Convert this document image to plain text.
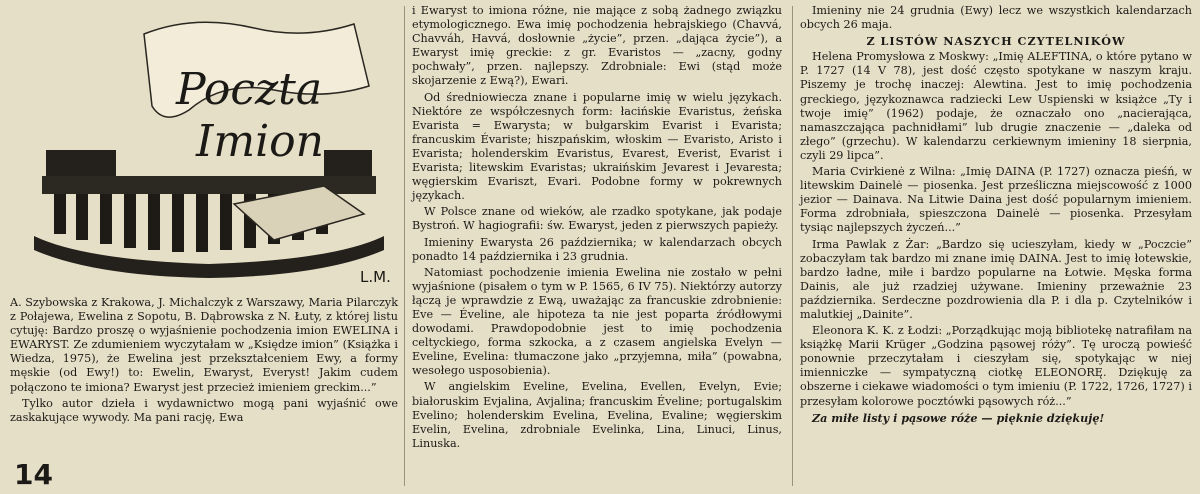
Poczta
Imion
L.M.

A. Szybowska z Krakowa, J. Michalczyk z Warszawy, Maria Pilarczyk z Połajewa, Ewelina z Sopotu, B. Dąbrowska z N. Łuty, z której listu cytuję: Bardzo proszę o wyjaśnienie pochodzenia imion EWELINA i EWARYST. Ze zdumieniem wyczytałam w „Księdze imion” (Książka i Wiedza, 1975), że Ewelina jest przekształceniem Ewy, a formy męskie (od Ewy!) to: Ewelin, Ewaryst, Everyst! Jakim cudem połączono te imiona? Ewaryst jest przecież imieniem greckim...”

Tylko autor dzieła i wydawnictwo mogą pani wyjaśnić owe zaskakujące wywody. Ma pani rację, Ewa

14

i Ewaryst to imiona różne, nie mające z sobą żadnego związku etymologicznego. Ewa imię pochodzenia hebrajskiego (Chavvá, Chavváh, Havvá, dosłownie „życie”, przen. „dająca życie”), a Ewaryst imię greckie: z gr. Evaristos — „zacny, godny pochwały”, przen. najlepszy. Zdrobniale: Ewi (stąd może skojarzenie z Ewą?), Ewari.

Od średniowiecza znane i popularne imię w wielu językach. Niektóre ze współczesnych form: łacińskie Evaristus, żeńska Evarista = Ewarysta; w bułgarskim Evarist i Evarista; francuskim Évariste; hiszpańskim, włoskim — Evaristo, Aristo i Evarista; holenderskim Evaristus, Evarest, Everist, Evarist i Evarista; litewskim Evaristas; ukraińskim Jevarest i Jevaresta; węgierskim Evariszt, Evari. Podobne formy w pokrewnych językach.

W Polsce znane od wieków, ale rzadko spotykane, jak podaje Bystroń. W hagiografii: św. Ewaryst, jeden z pierwszych papieży.

Imieniny Ewarysta 26 października; w kalendarzach obcych ponadto 14 października i 23 grudnia.

Natomiast pochodzenie imienia Ewelina nie zostało w pełni wyjaśnione (pisałem o tym w P. 1565, 6 IV 75). Niektórzy autorzy łączą je wprawdzie z Ewą, uważając za francuskie zdrobnienie: Eve — Éveline, ale hipoteza ta nie jest poparta źródłowymi dowodami. Prawdopodobnie jest to imię pochodzenia celtyckiego, forma szkocka, a z czasem angielska Evelyn — Eveline, Evelina: tłumaczone jako „przyjemna, miła” (powabna, wesołego usposobienia).

W angielskim Eveline, Evelina, Evellen, Evelyn, Evie; białoruskim Evjalina, Avjalina; francuskim Éveline; portugalskim Evelino; holenderskim Evelina, Evelina, Evaline; węgierskim Evelin, Evelina, zdrobniale Evelinka, Lina, Linuci, Linus, Linuska.

Imieniny nie 24 grudnia (Ewy) lecz we wszystkich kalendarzach obcych 26 maja.

Z LISTÓW NASZYCH CZYTELNIKÓW

Helena Promysłowa z Moskwy: „Imię ALEFTINA, o które pytano w P. 1727 (14 V 78), jest dość często spotykane w naszym kraju. Piszemy je trochę inaczej: Alewtina. Jest to imię pochodzenia greckiego, językoznawca radziecki Lew Uspienski w książce „Ty i twoje imię” (1962) podaje, że oznaczało ono „nacierająca, namaszczająca pachnidłami” lub drugie znaczenie — „daleka od złego” (grzechu). W kalendarzu cerkiewnym imieniny 18 sierpnia, czyli 29 lipca”.

Maria Cvirkienė z Wilna: „Imię DAINA (P. 1727) oznacza pieśń, w litewskim Dainelė — piosenka. Jest prześliczna miejscowość z 1000 jezior — Dainava. Na Litwie Daina jest dość popularnym imieniem. Forma zdrobniała, spieszczona Dainelė — piosenka. Przesyłam tysiąc najlepszych życzeń...”

Irma Pawlak z Żar: „Bardzo się ucieszyłam, kiedy w „Poczcie” zobaczyłam tak bardzo mi znane imię DAINA. Jest to imię łotewskie, bardzo ładne, miłe i bardzo popularne na Łotwie. Męska forma Dainis, ale już rzadziej używane. Imieniny przeważnie 23 października. Serdeczne pozdrowienia dla P. i dla p. Czytelników i malutkiej „Dainite”.

Eleonora K. K. z Łodzi: „Porządkując moją bibliotekę natrafiłam na książkę Marii Krüger „Godzina pąsowej róży”. Tę uroczą powieść ponownie przeczytałam i cieszyłam się, spotykając w niej imienniczke — sympatyczną ciotkę ELEONORĘ. Dziękuję za obszerne i ciekawe wiadomości o tym imieniu (P. 1722, 1726, 1727) i przesyłam kolorowe pocztówki pąsowych róż...”

Za miłe listy i pąsowe róże — pięknie dziękuję!
